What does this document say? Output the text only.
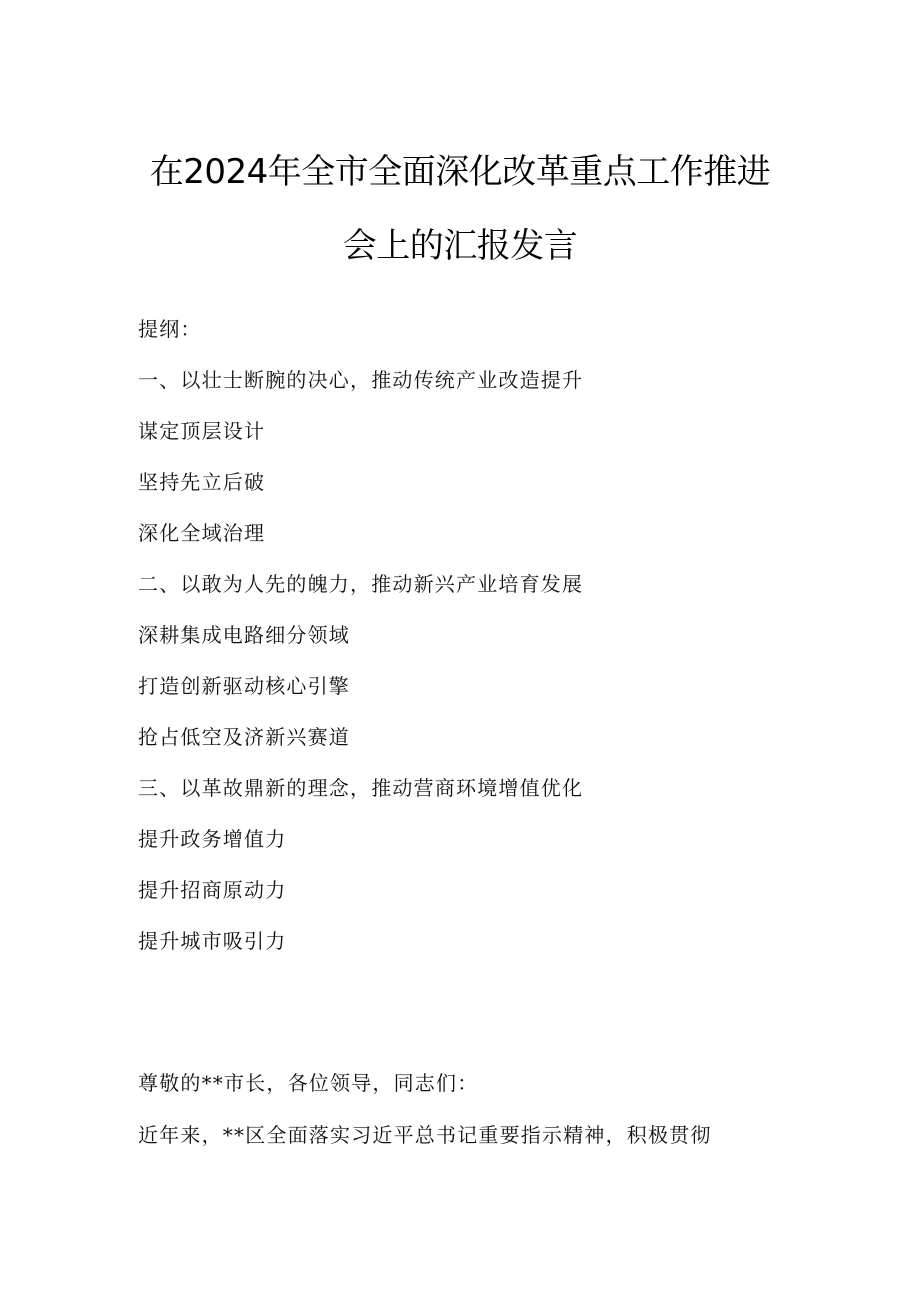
在2024年全市全面深化改革重点工作推进
会上的汇报发言
提纲：
一、以壮士断腕的决心，推动传统产业改造提升
谋定顶层设计
坚持先立后破
深化全域治理
二、以敢为人先的魄力，推动新兴产业培育发展
深耕集成电路细分领域
打造创新驱动核心引擎
抢占低空及济新兴赛道
三、以革故鼎新的理念，推动营商环境增值优化
提升政务增值力
提升招商原动力
提升城市吸引力
尊敬的**市长，各位领导，同志们：
近年来，**区全面落实习近平总书记重要指示精神，积极贯彻
